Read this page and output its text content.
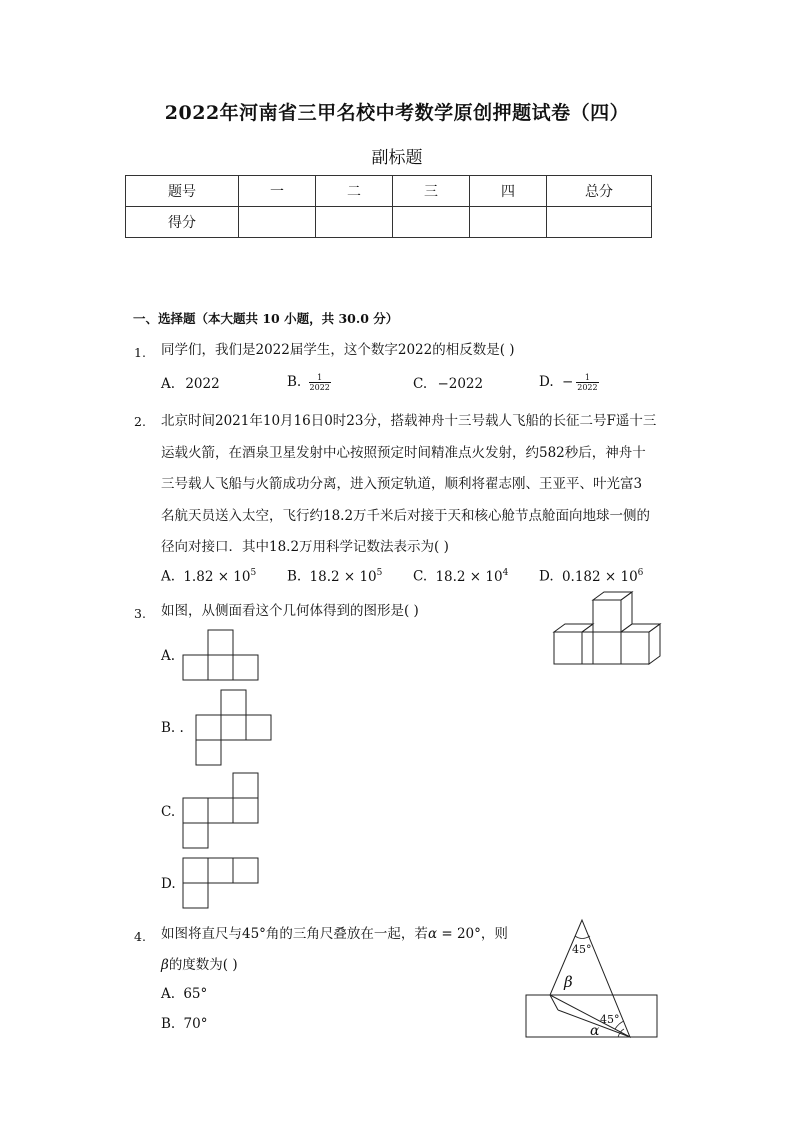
2022年河南省三甲名校中考数学原创押题试卷（四）
副标题
题号	一	二	三	四	总分
得分					
一、选择题（本大题共 10 小题，共 30.0 分）
1. 同学们，我们是2022届学生，这个数字2022的相反数是( )
A. 2022	B. $\frac{1}{2022}$	C. −2022	D. − $\frac{1}{2022}$
2. 北京时间2021年10月16日0时23分，搭载神舟十三号载人飞船的长征二号F遥十三
运载火箭，在酒泉卫星发射中心按照预定时间精准点火发射，约582秒后，神舟十
三号载人飞船与火箭成功分离，进入预定轨道，顺利将翟志刚、王亚平、叶光富3
名航天员送入太空，飞行约18.2万千米后对接于天和核心舱节点舱面向地球一侧的
径向对接口．其中18.2万用科学记数法表示为( )
A. $1.82 \times 10^5$ B. $18.2 \times 10^5$ C. $18.2 \times 10^4$ D. $0.182 \times 10^6$
3. 如图，从侧面看这个几何体得到的图形是( )
A.
B. .
C.
D.
4. 如图将直尺与45°角的三角尺叠放在一起，若α = 20°，则
β的度数为( )
A. 65°
B. 70°
45°
45°
β
α
